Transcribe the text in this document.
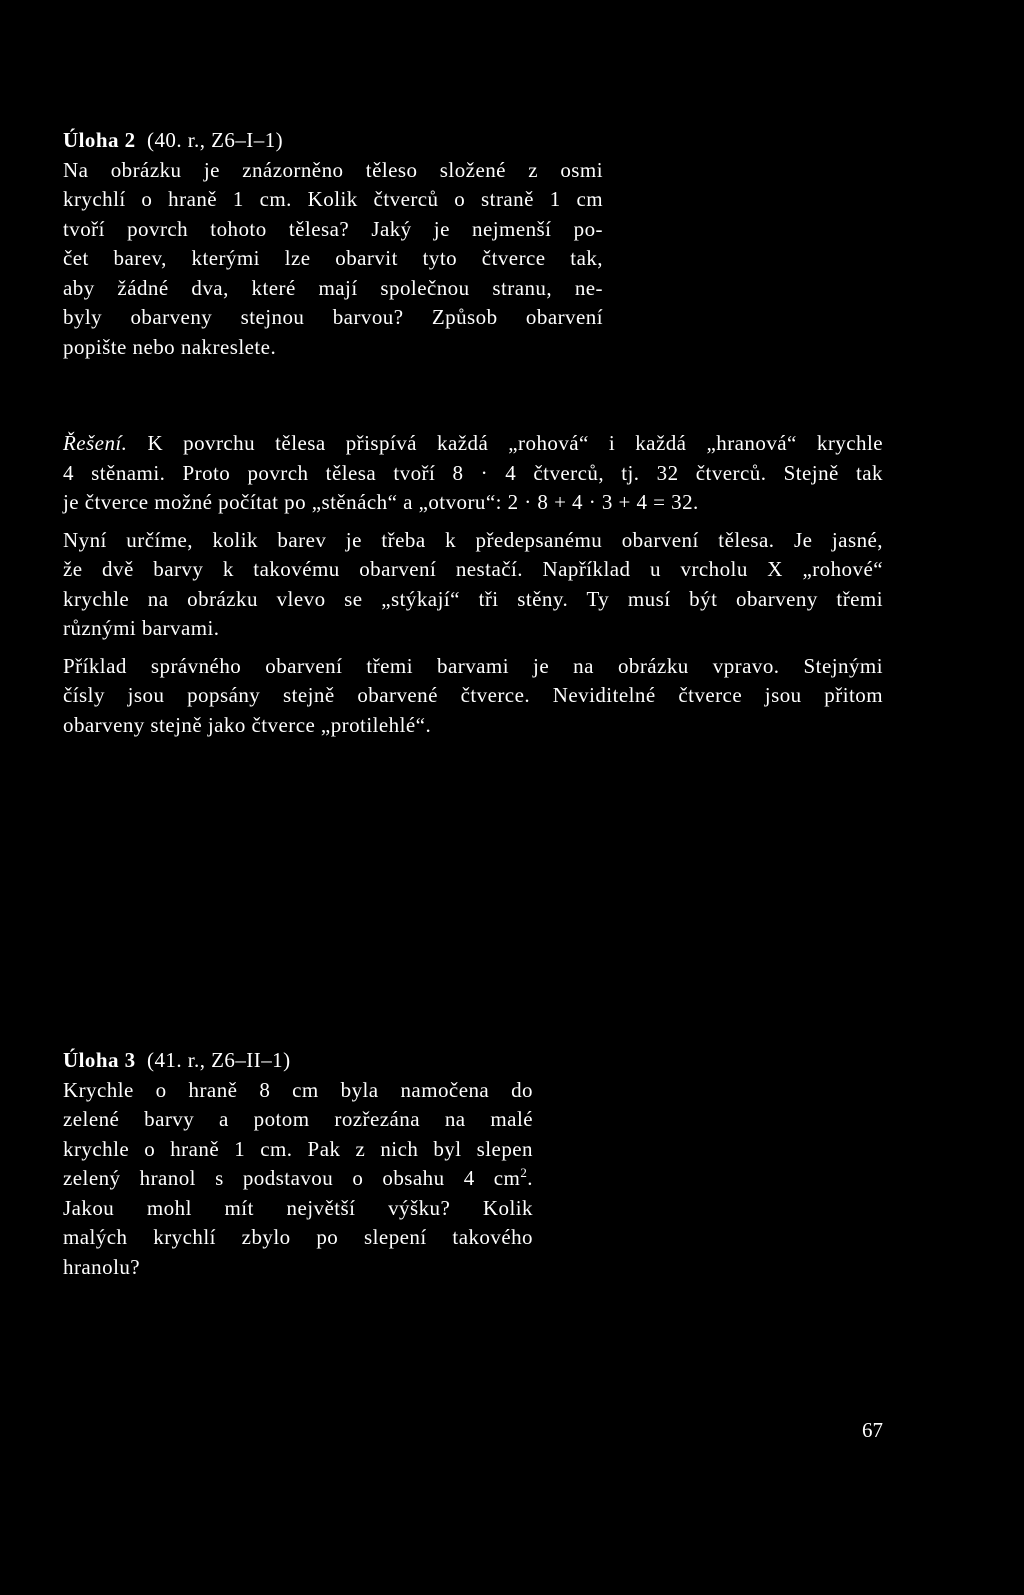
Úloha 2 (40. r., Z6–I–1)
Na obrázku je znázorněno těleso složené z osmi
krychlí o hraně 1 cm. Kolik čtverců o straně 1 cm
tvoří povrch tohoto tělesa? Jaký je nejmenší po-
čet barev, kterými lze obarvit tyto čtverce tak,
aby žádné dva, které mají společnou stranu, ne-
byly obarveny stejnou barvou? Způsob obarvení
popište nebo nakreslete.
Řešení. K povrchu tělesa přispívá každá „rohová“ i každá „hranová“ krychle
4 stěnami. Proto povrch tělesa tvoří 8 · 4 čtverců, tj. 32 čtverců. Stejně tak
je čtverce možné počítat po „stěnách“ a „otvoru“: 2 · 8 + 4 · 3 + 4 = 32.
Nyní určíme, kolik barev je třeba k předepsanému obarvení tělesa. Je jasné,
že dvě barvy k takovému obarvení nestačí. Například u vrcholu X „rohové“
krychle na obrázku vlevo se „stýkají“ tři stěny. Ty musí být obarveny třemi
různými barvami.
Příklad správného obarvení třemi barvami je na obrázku vpravo. Stejnými
čísly jsou popsány stejně obarvené čtverce. Neviditelné čtverce jsou přitom
obarveny stejně jako čtverce „protilehlé“.
Úloha 3 (41. r., Z6–II–1)
Krychle o hraně 8 cm byla namočena do
zelené barvy a potom rozřezána na malé
krychle o hraně 1 cm. Pak z nich byl slepen
zelený hranol s podstavou o obsahu 4 $cm^2$.
Jakou mohl mít největší výšku? Kolik
malých krychlí zbylo po slepení takového
hranolu?
67
